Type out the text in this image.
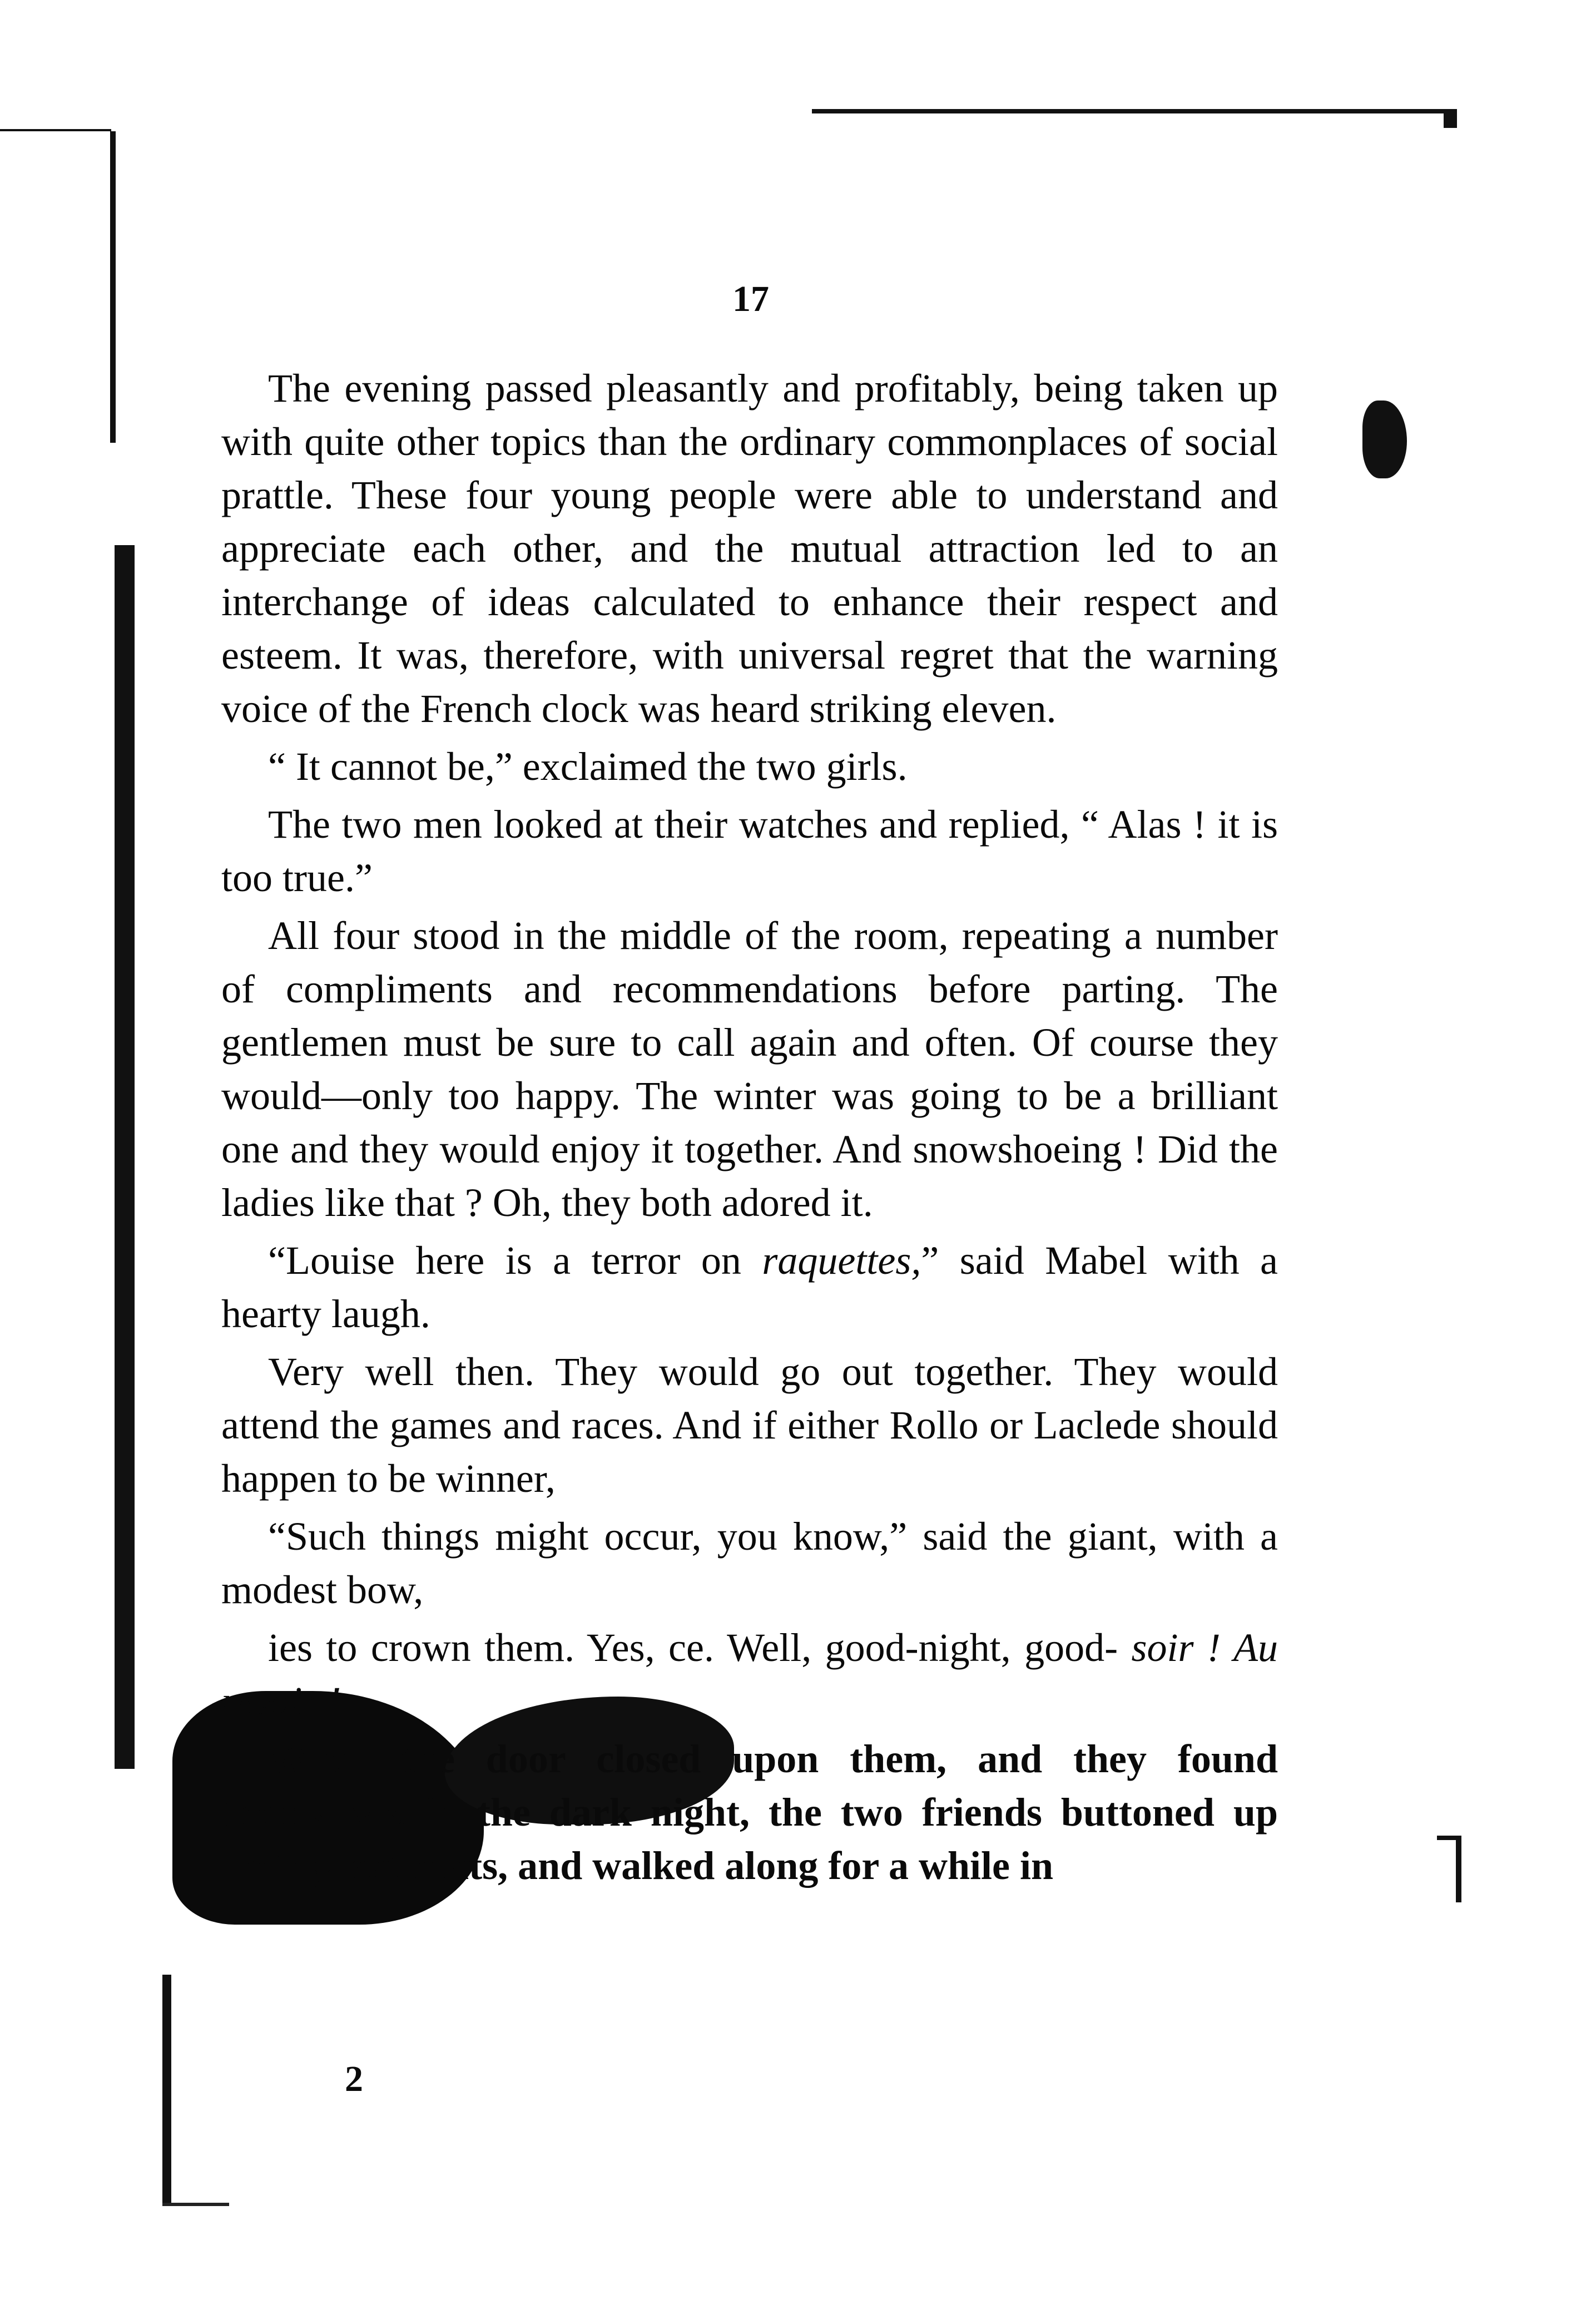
17

The evening passed pleasantly and profitably, being taken up with quite other topics than the ordinary commonplaces of social prattle. These four young people were able to understand and appreciate each other, and the mutual attraction led to an interchange of ideas calculated to enhance their respect and esteem. It was, therefore, with universal regret that the warning voice of the French clock was heard striking eleven.

“ It cannot be,” exclaimed the two girls.

The two men looked at their watches and replied, “ Alas ! it is too true.”

All four stood in the middle of the room, repeating a number of compliments and recommendations before parting. The gentlemen must be sure to call again and often. Of course they would—only too happy. The winter was going to be a brilliant one and they would enjoy it together. And snowshoeing ! Did the ladies like that ? Oh, they both adored it.

“Louise here is a terror on raquettes,” said Mabel with a hearty laugh.

Very well then. They would go out together. They would attend the games and races. And if either Rollo or Laclede should happen to be winner,

“Such things might occur, you know,” said the giant, with a modest bow,

ies to crown them. Yes, ce. Well, good-night, good- soir ! Au revoir !

When the door closed upon them, and they found themselves in the dark night, the two friends buttoned up their great coats, and walked along for a while in

2
